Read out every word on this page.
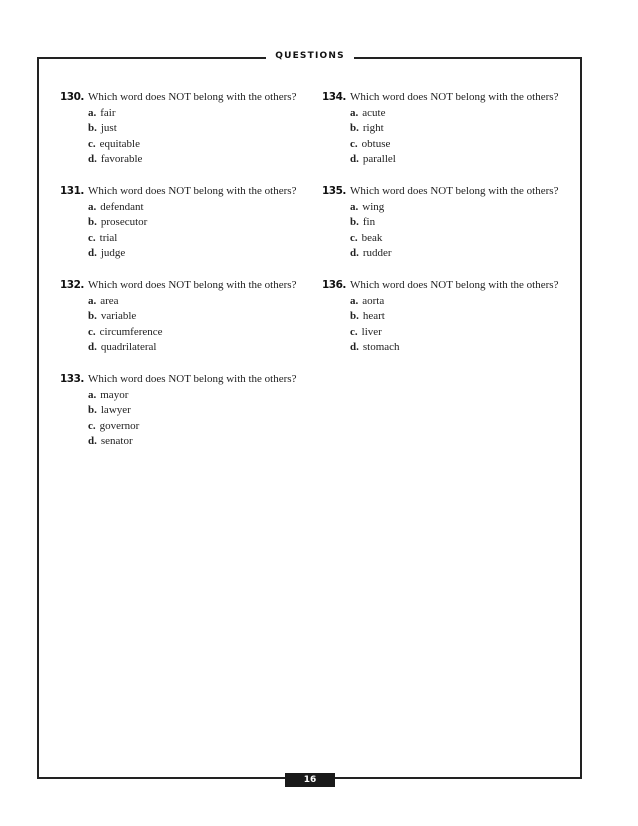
QUESTIONS
130. Which word does NOT belong with the others?
a. fair
b. just
c. equitable
d. favorable
131. Which word does NOT belong with the others?
a. defendant
b. prosecutor
c. trial
d. judge
132. Which word does NOT belong with the others?
a. area
b. variable
c. circumference
d. quadrilateral
133. Which word does NOT belong with the others?
a. mayor
b. lawyer
c. governor
d. senator
134. Which word does NOT belong with the others?
a. acute
b. right
c. obtuse
d. parallel
135. Which word does NOT belong with the others?
a. wing
b. fin
c. beak
d. rudder
136. Which word does NOT belong with the others?
a. aorta
b. heart
c. liver
d. stomach
16
